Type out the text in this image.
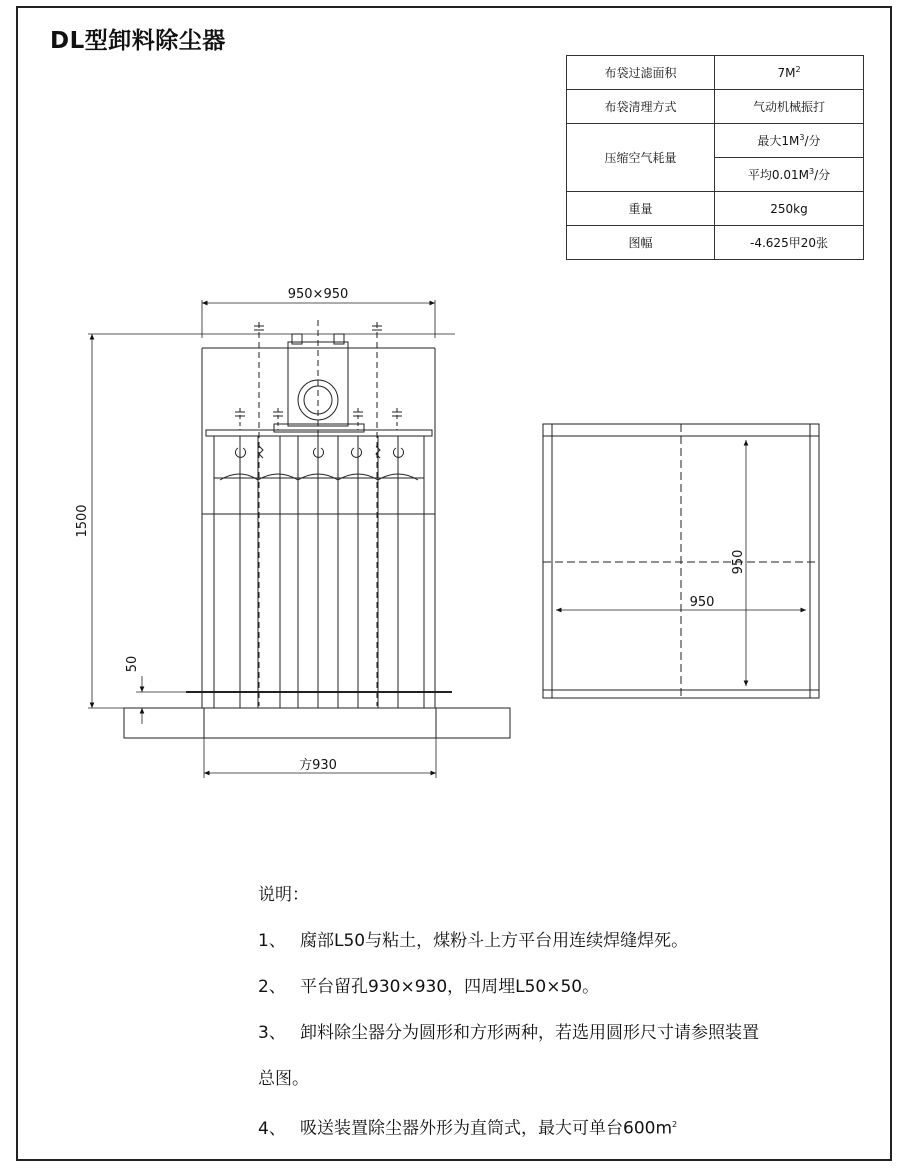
DL型卸料除尘器
布袋过滤面积	$7M^2$
布袋清理方式	气动机械振打
压缩空气耗量	最大$1M^3/$分
	平均$0.01M^3/$分
重量	250kg
图幅	-4.625甲20张
950×950
1500
50
方930
950
950
说明：
1、 腐部L50与粘土，煤粉斗上方平台用连续焊缝焊死。
2、 平台留孔930×930，四周埋L50×50。
3、 卸料除尘器分为圆形和方形两种，若选用圆形尺寸请参照装置
总图。
4、 吸送装置除尘器外形为直筒式，最大可单台$600m^2$
